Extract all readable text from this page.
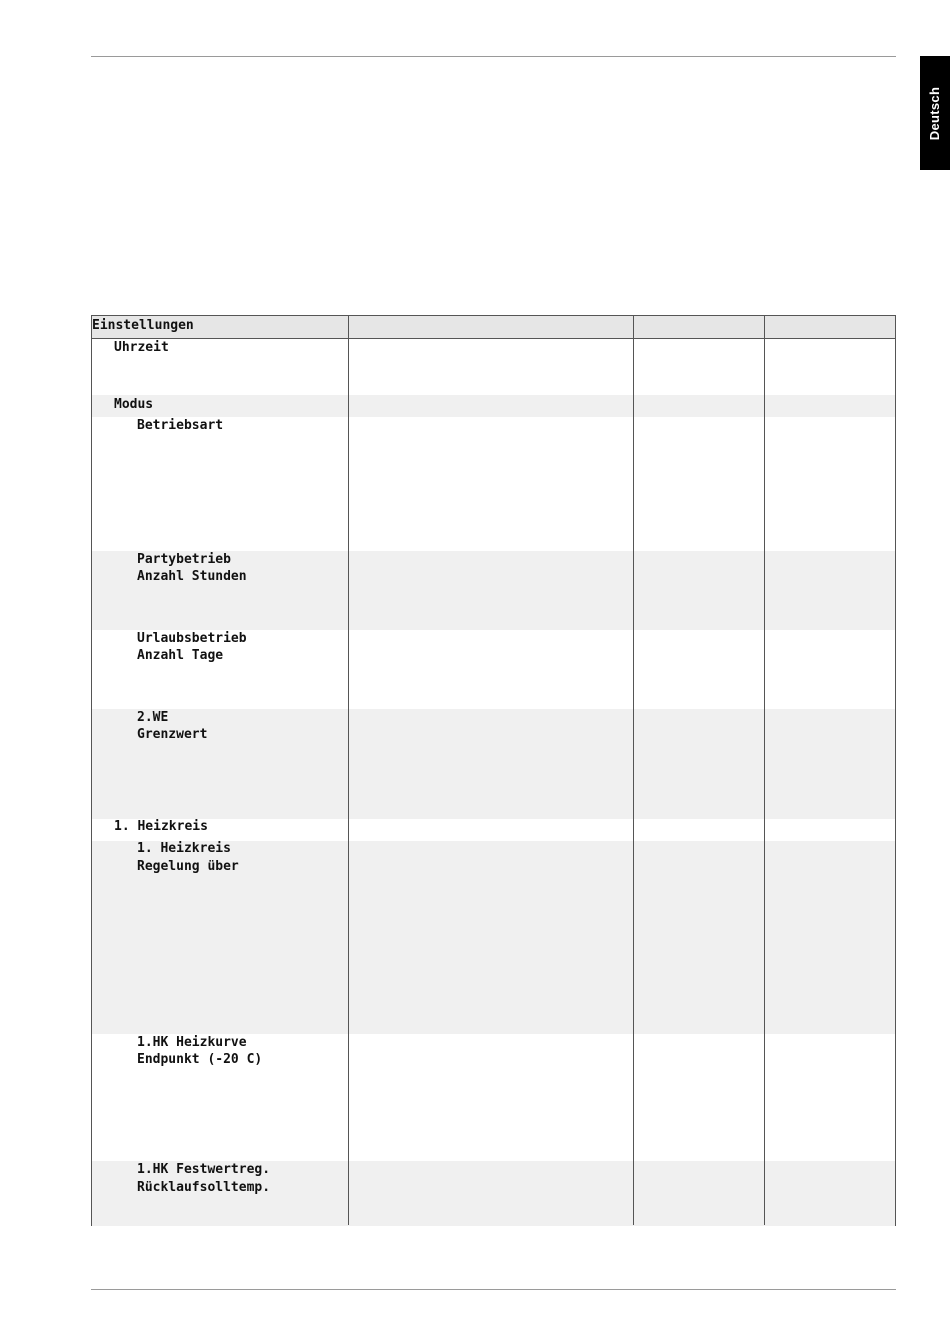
Deutsch
Einstellungen
Uhrzeit
Modus
Betriebsart
Partybetrieb
Anzahl Stunden
Urlaubsbetrieb
Anzahl Tage
2.WE
Grenzwert
1. Heizkreis
1. Heizkreis
Regelung über
1.HK Heizkurve
Endpunkt (-20 C)
1.HK Festwertreg.
Rücklaufsolltemp.
